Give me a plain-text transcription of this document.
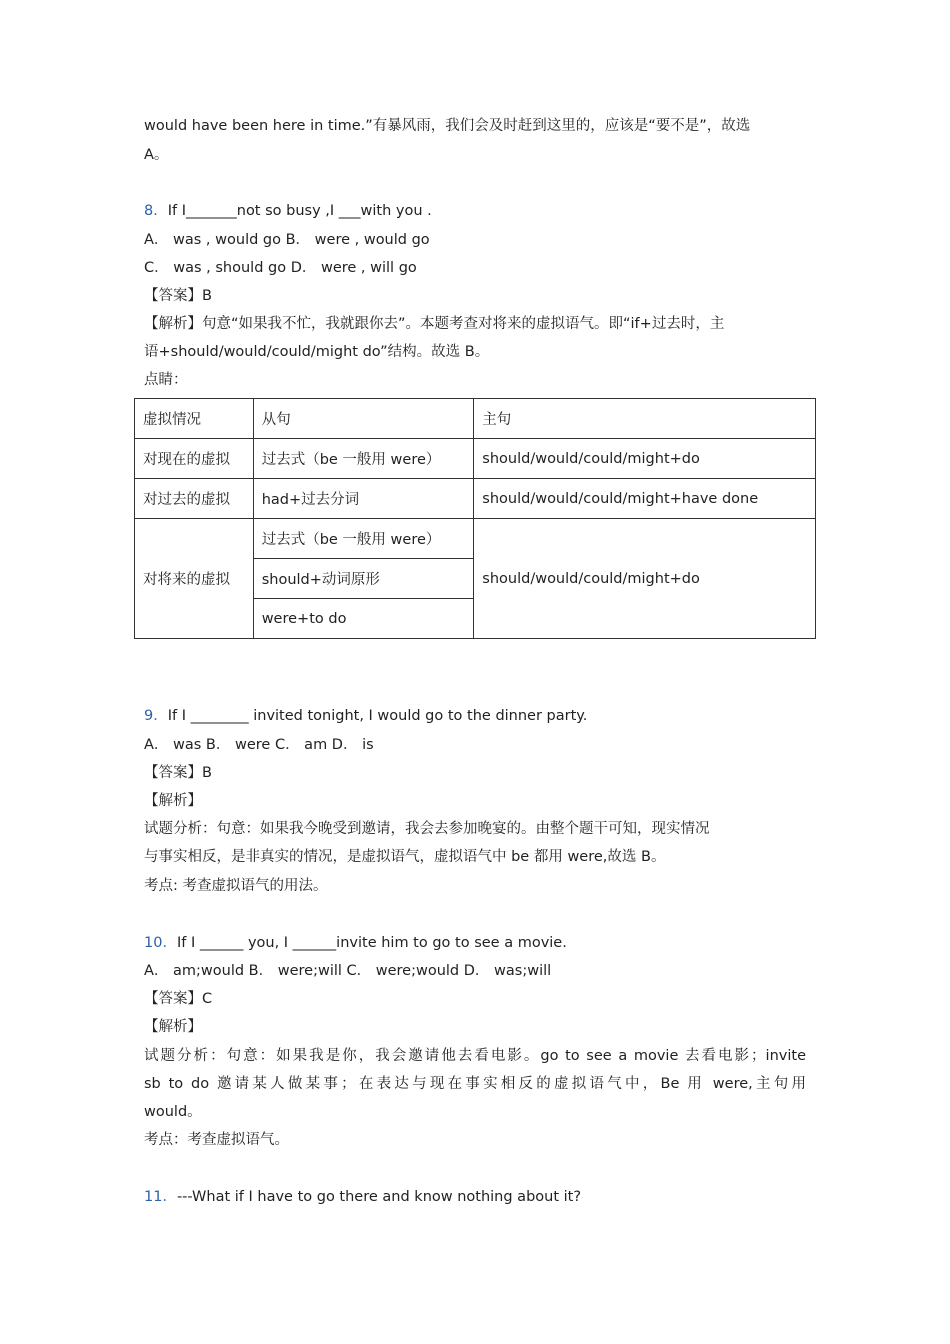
would have been here in time.”有暴风雨，我们会及时赶到这里的，应该是“要不是”，故选
A。
8．If I_______not so busy ,I ___with you .
A． was , would go B． were , would go
C． was , should go D． were , will go
【答案】B
【解析】句意“如果我不忙，我就跟你去”。本题考查对将来的虚拟语气。即“if+过去时，主
语+should/would/could/might do”结构。故选 B。
点睛：
虚拟情况	从句	主句
对现在的虚拟	过去式（be 一般用 were）	should/would/could/might+do
对过去的虚拟	had+过去分词	should/would/could/might+have done
对将来的虚拟	过去式（be 一般用 were）	should/would/could/might+do
	should+动词原形	
	were+to do	
9．If I ________ invited tonight, I would go to the dinner party.
A． was B． were C． am D． is
【答案】B
【解析】
试题分析：句意：如果我今晚受到邀请，我会去参加晚宴的。由整个题干可知，现实情况
与事实相反，是非真实的情况，是虚拟语气，虚拟语气中 be 都用 were,故选 B。
考点: 考查虚拟语气的用法。
10．If I ______ you, I ______invite him to go to see a movie.
A． am;would B． were;will C． were;would D． was;will
【答案】C
【解析】
试题分析：句意：如果我是你，我会邀请他去看电影。go to see a movie 去看电影；invite
sb to do 邀请某人做某事；在表达与现在事实相反的虚拟语气中，Be 用 were,主句用
would。
考点：考查虚拟语气。
11．---What if I have to go there and know nothing about it?
